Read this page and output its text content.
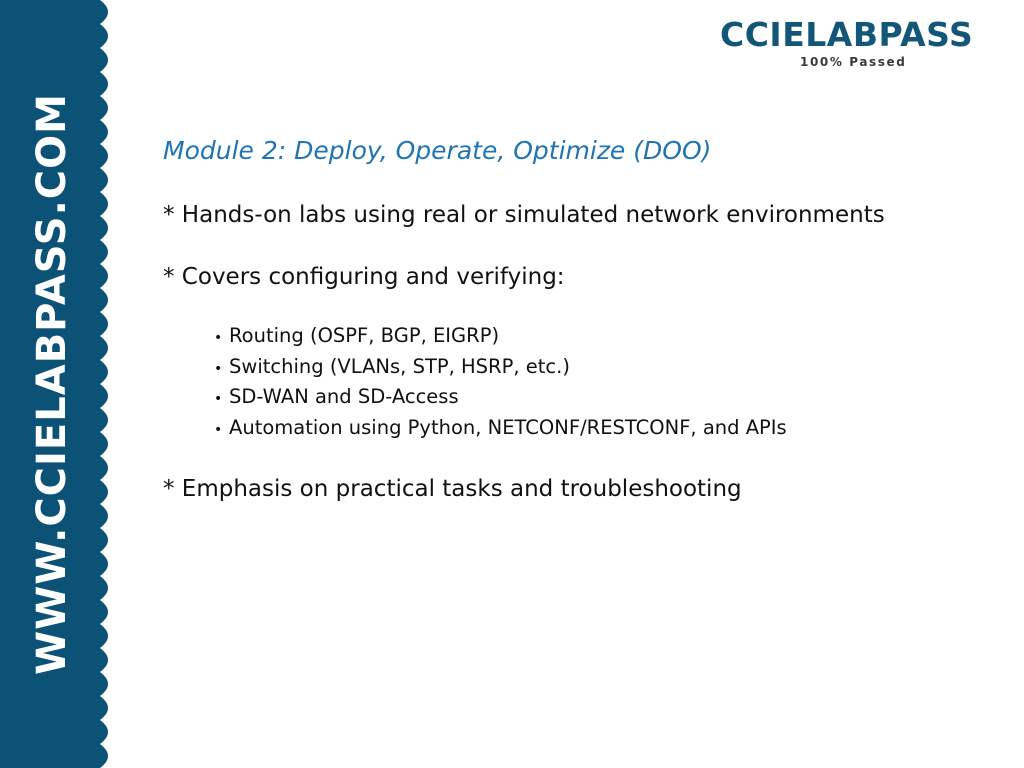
WWW.CCIELABPASS.COM
CCIELABPASS
100% Passed
Module 2: Deploy, Operate, Optimize (DOO)

* Hands-on labs using real or simulated network environments

* Covers configuring and verifying:

• Routing (OSPF, BGP, EIGRP)
• Switching (VLANs, STP, HSRP, etc.)
• SD-WAN and SD-Access
• Automation using Python, NETCONF/RESTCONF, and APIs

* Emphasis on practical tasks and troubleshooting
